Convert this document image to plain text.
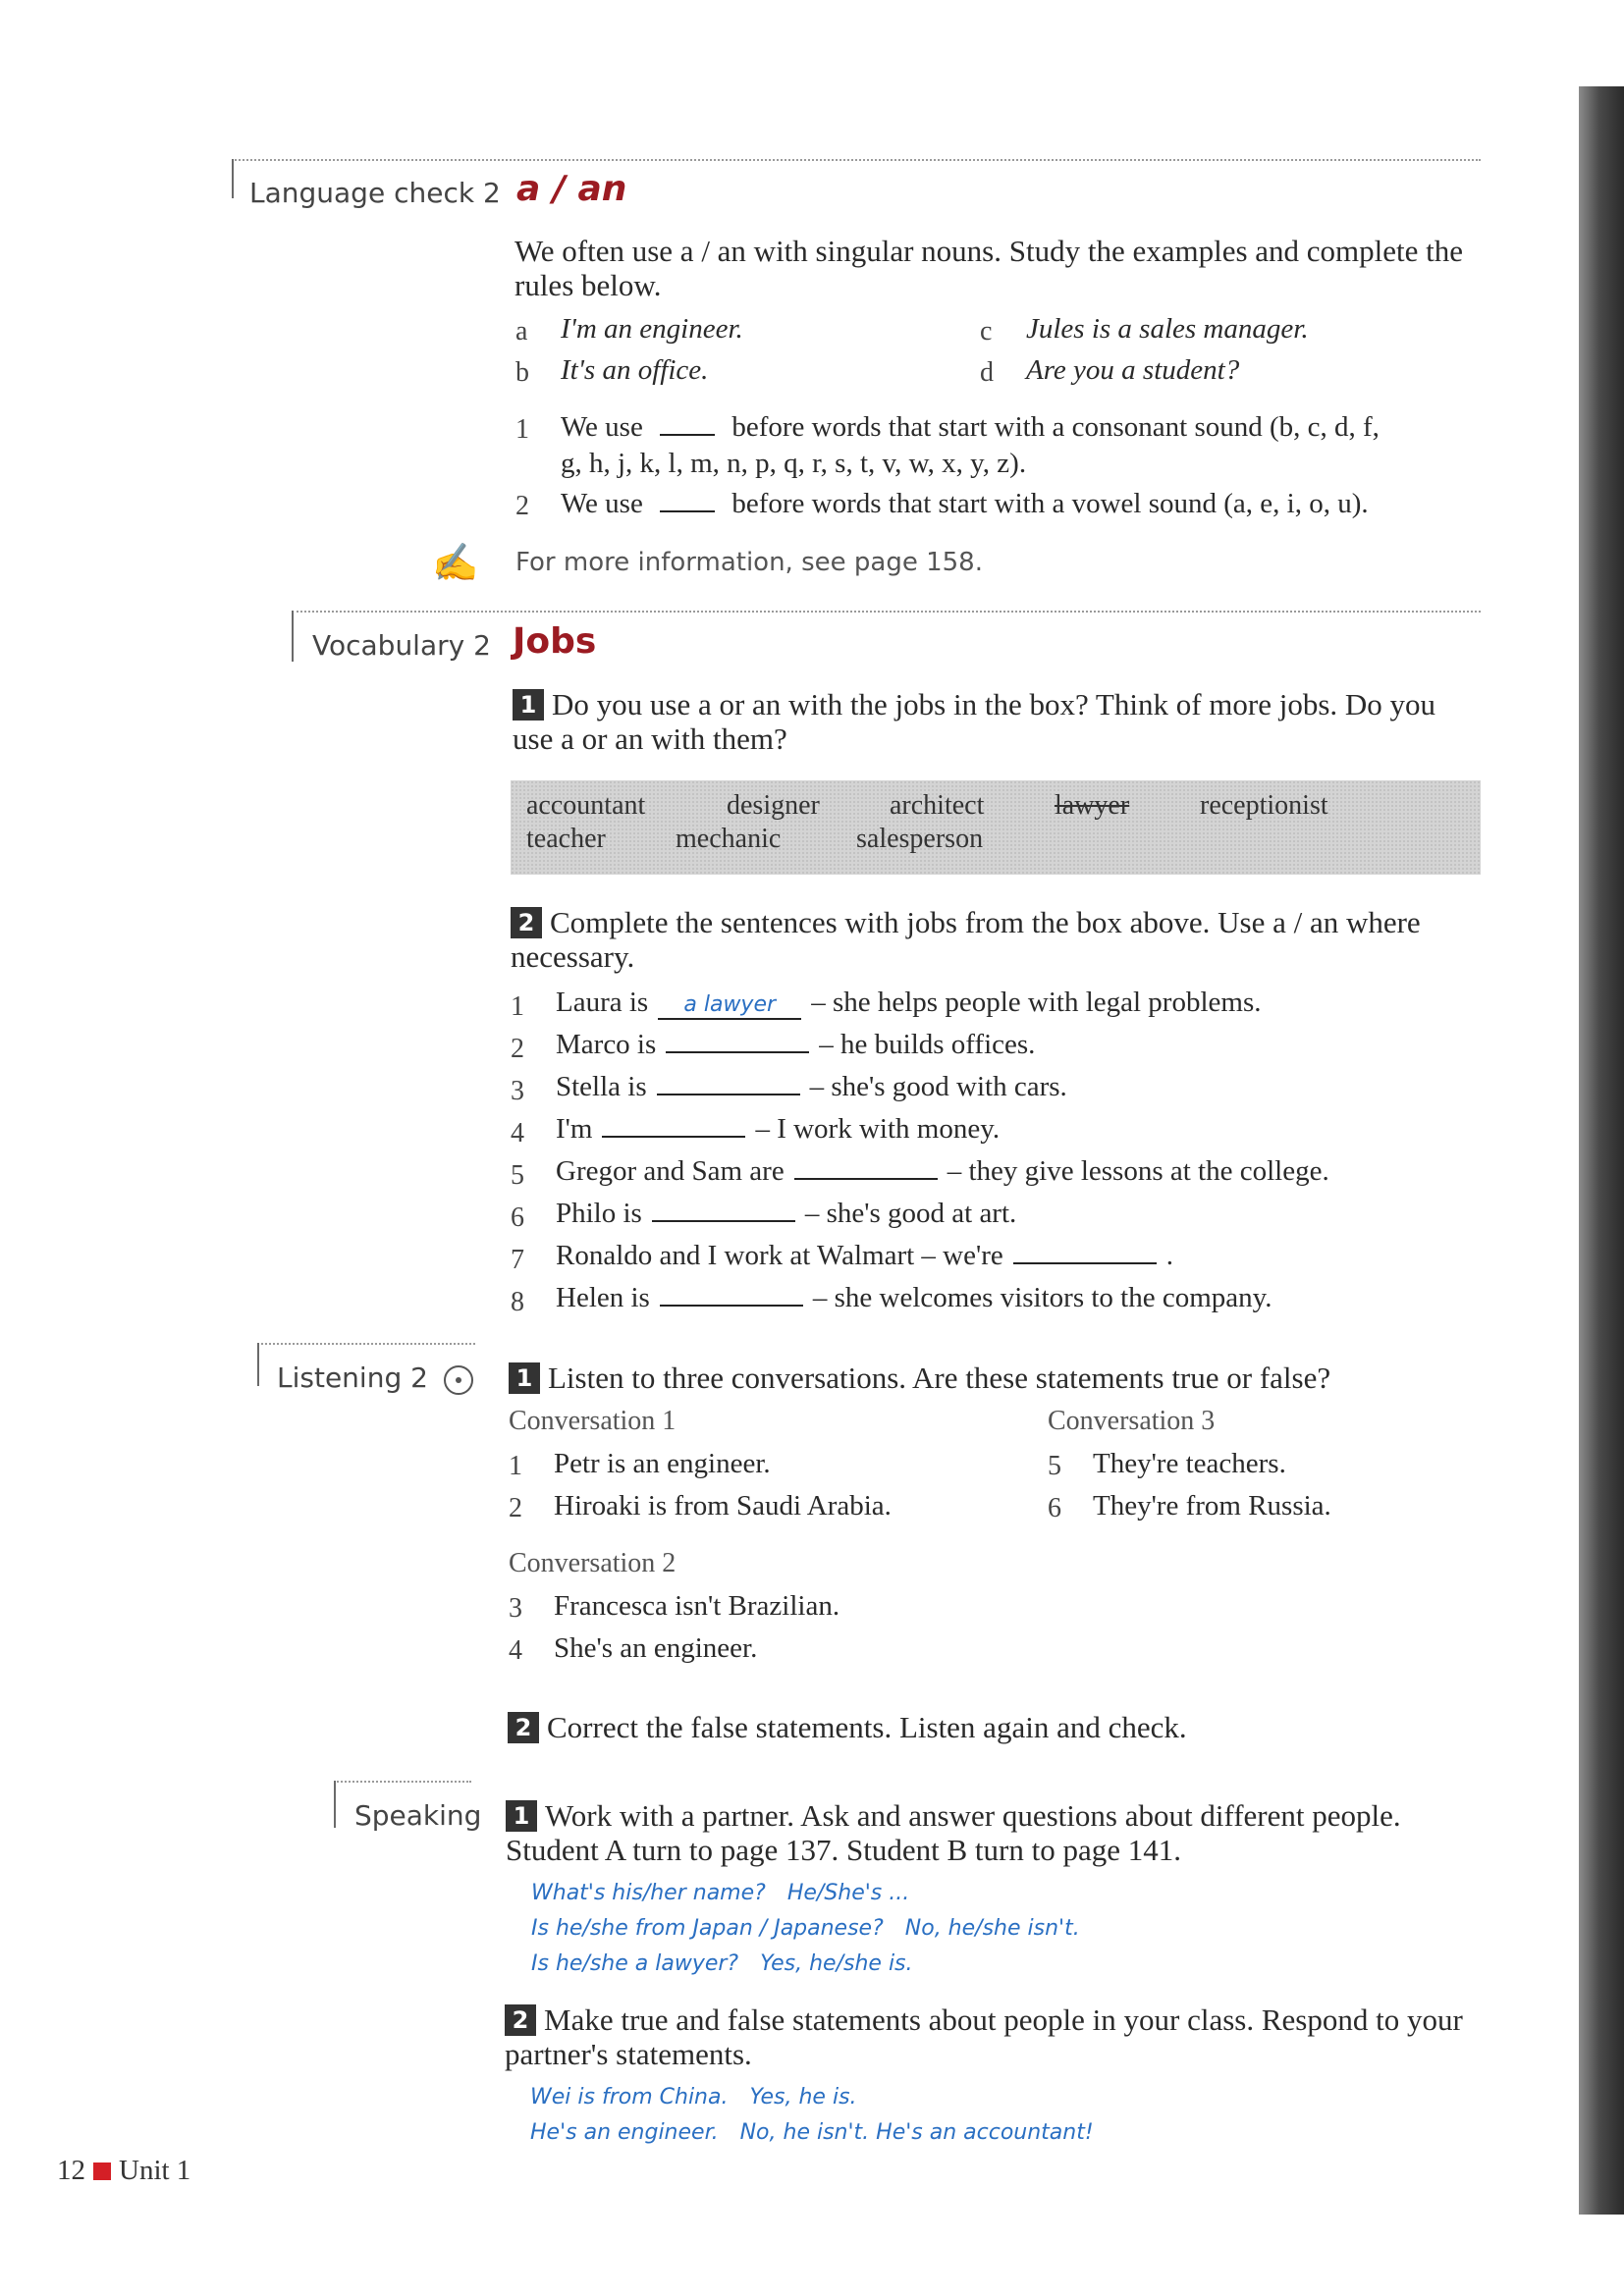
Language check 2 a / an
We often use a / an with singular nouns. Study the examples and complete the rules below.
a I'm an engineer.
b It's an office.
c Jules is a sales manager.
d Are you a student?
1 We use	before words that start with a consonant sound (b, c, d, f,
g, h, j, k, l, m, n, p, q, r, s, t, v, w, x, y, z).
2 We use	before words that start with a vowel sound (a, e, i, o, u).
✍ For more information, see page 158.
Vocabulary 2 Jobs
1 Do you use a or an with the jobs in the box? Think of more jobs. Do you use a or an with them?
accountant	designer	architect	lawyer	receptionist
teacher	mechanic	salesperson
2 Complete the sentences with jobs from the box above. Use a / an where necessary.
1 Laura is a lawyer – she helps people with legal problems.
2 Marco is	– he builds offices.
3 Stella is	– she's good with cars.
4 I'm	– I work with money.
5 Gregor and Sam are	– they give lessons at the college.
6 Philo is	– she's good at art.
7 Ronaldo and I work at Walmart – we're	.
8 Helen is	– she welcomes visitors to the company.
Listening 2	1 Listen to three conversations. Are these statements true or false?
Conversation 1
1 Petr is an engineer.
2 Hiroaki is from Saudi Arabia.
Conversation 3
5 They're teachers.
6 They're from Russia.
Conversation 2
3 Francesca isn't Brazilian.
4 She's an engineer.
2 Correct the false statements. Listen again and check.
Speaking	1 Work with a partner. Ask and answer questions about different people. Student A turn to page 137. Student B turn to page 141.
What's his/her name? He/She's ...
Is he/she from Japan / Japanese? No, he/she isn't.
Is he/she a lawyer? Yes, he/she is.
2 Make true and false statements about people in your class. Respond to your partner's statements.
Wei is from China. Yes, he is.
He's an engineer. No, he isn't. He's an accountant!
12 Unit 1
